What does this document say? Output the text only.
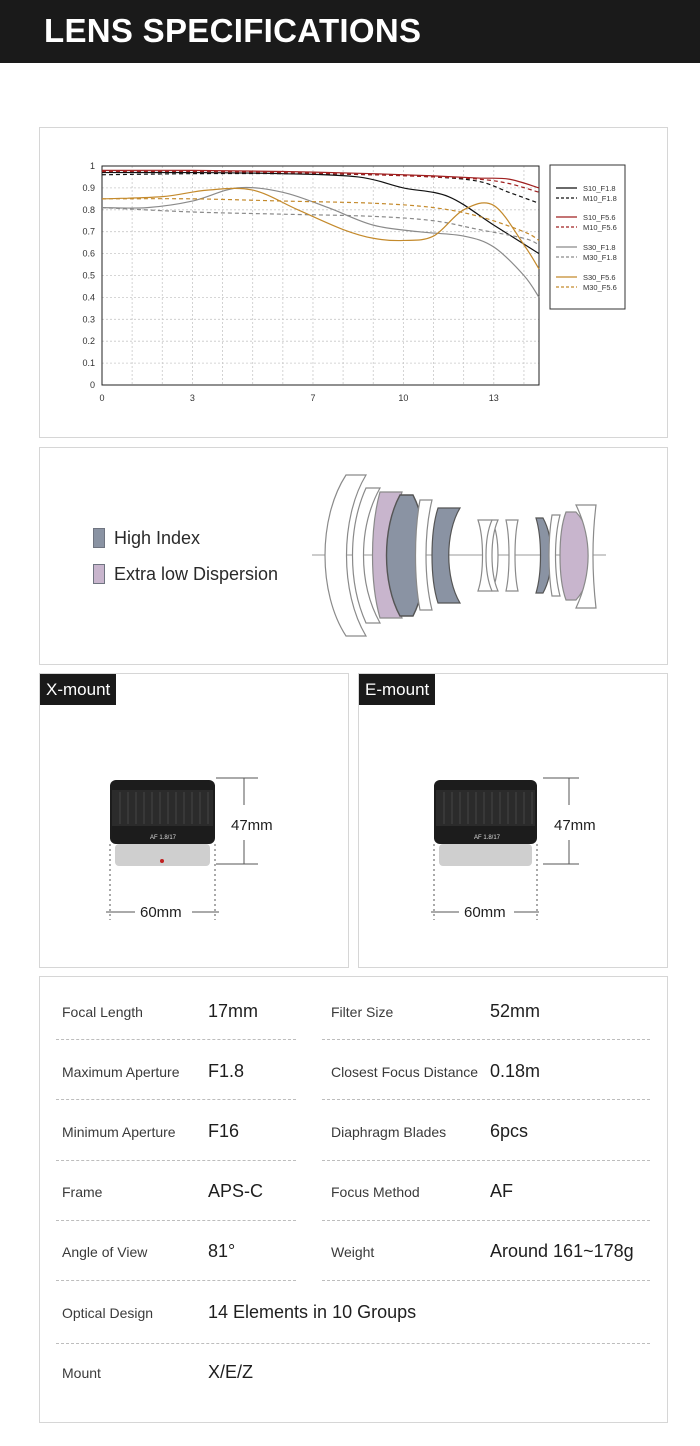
LENS SPECIFICATIONS
0
0.1
0.2
0.3
0.4
0.5
0.6
0.7
0.8
0.9
1
0	3	7	10	13
S10_F1.8
M10_F1.8
S10_F5.6
M10_F5.6
S30_F1.8
M30_F1.8
S30_F5.6
M30_F5.6
High Index
Extra low Dispersion
AF 1.8/17
47mm
60mm
X-mount
AF 1.8/17
47mm
60mm
E-mount
Focal Length	17mm	Filter Size	52mm
Maximum Aperture F1.8	Closest Focus Distance 0.18m
Minimum Aperture F16	Diaphragm Blades 6pcs
Frame	APS-C	Focus Method	AF
Angle of View	81°	Weight	Around 161~178g
Optical Design	14 Elements in 10 Groups
Mount	X/E/Z
